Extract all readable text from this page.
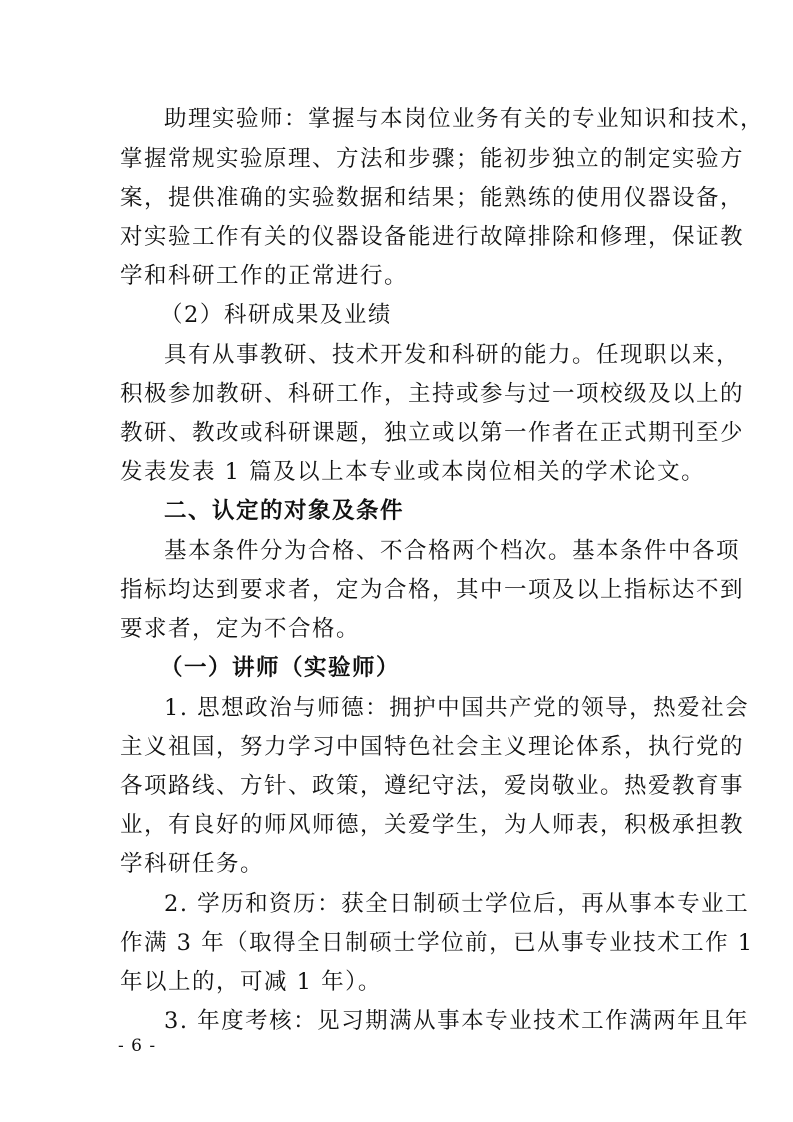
助理实验师：掌握与本岗位业务有关的专业知识和技术，
掌握常规实验原理、方法和步骤；能初步独立的制定实验方
案，提供准确的实验数据和结果；能熟练的使用仪器设备，
对实验工作有关的仪器设备能进行故障排除和修理，保证教
学和科研工作的正常进行。
（2）科研成果及业绩
具有从事教研、技术开发和科研的能力。任现职以来，
积极参加教研、科研工作，主持或参与过一项校级及以上的
教研、教改或科研课题，独立或以第一作者在正式期刊至少
发表发表 1 篇及以上本专业或本岗位相关的学术论文。
二、认定的对象及条件
基本条件分为合格、不合格两个档次。基本条件中各项
指标均达到要求者，定为合格，其中一项及以上指标达不到
要求者，定为不合格。
（一）讲师（实验师）
1. 思想政治与师德：拥护中国共产党的领导，热爱社会
主义祖国，努力学习中国特色社会主义理论体系，执行党的
各项路线、方针、政策，遵纪守法，爱岗敬业。热爱教育事
业，有良好的师风师德，关爱学生，为人师表，积极承担教
学科研任务。
2. 学历和资历：获全日制硕士学位后，再从事本专业工
作满 3 年（取得全日制硕士学位前，已从事专业技术工作 1
年以上的，可减 1 年）。
3. 年度考核：见习期满从事本专业技术工作满两年且年
- 6 -
